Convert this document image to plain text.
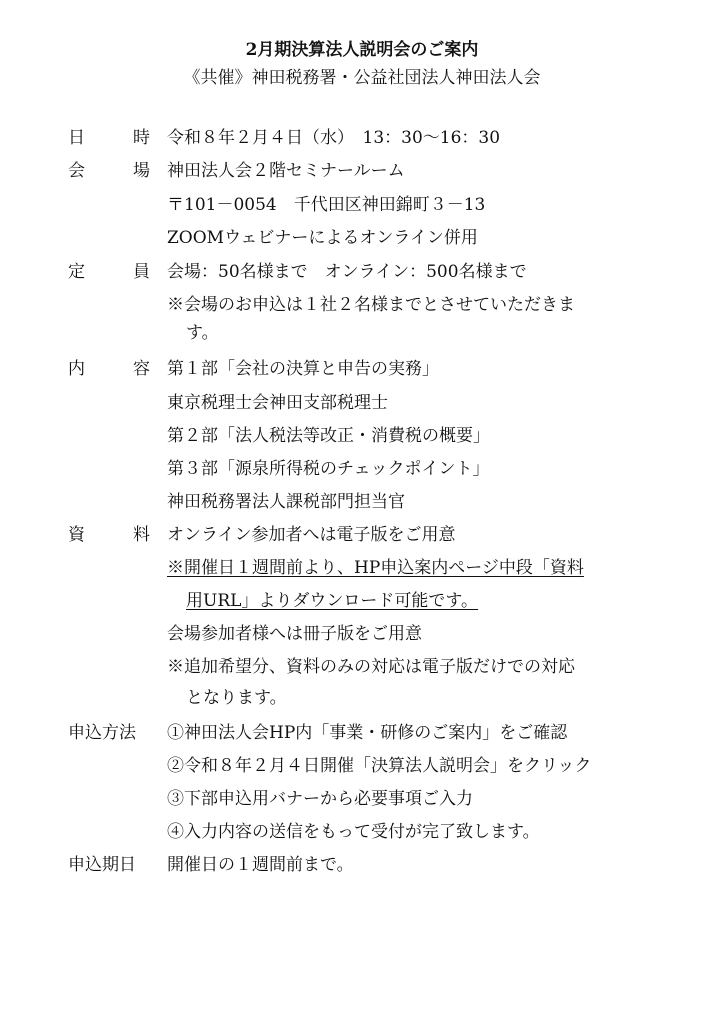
2月期決算法人説明会のご案内
《共催》神田税務署・公益社団法人神田法人会
日	時 令和８年２月４日（水）　13：30～16：30
会	場 神田法人会２階セミナールーム
〒101－0054　千代田区神田錦町３－13
ZOOMウェビナーによるオンライン併用
定	員 会場：50名様まで　オンライン：500名様まで
※会場のお申込は１社２名様までとさせていただきま
す。
内	容 第１部「会社の決算と申告の実務」
東京税理士会神田支部税理士
第２部「法人税法等改正・消費税の概要」
第３部「源泉所得税のチェックポイント」
神田税務署法人課税部門担当官
資	料 オンライン参加者へは電子版をご用意
※開催日１週間前より、HP申込案内ページ中段「資料
用URL」よりダウンロード可能です。
会場参加者様へは冊子版をご用意
※追加希望分、資料のみの対応は電子版だけでの対応
となります。
申込方法	①神田法人会HP内「事業・研修のご案内」をご確認
②令和８年２月４日開催「決算法人説明会」をクリック
③下部申込用バナーから必要事項ご入力
④入力内容の送信をもって受付が完了致します。
申込期日	開催日の１週間前まで。
